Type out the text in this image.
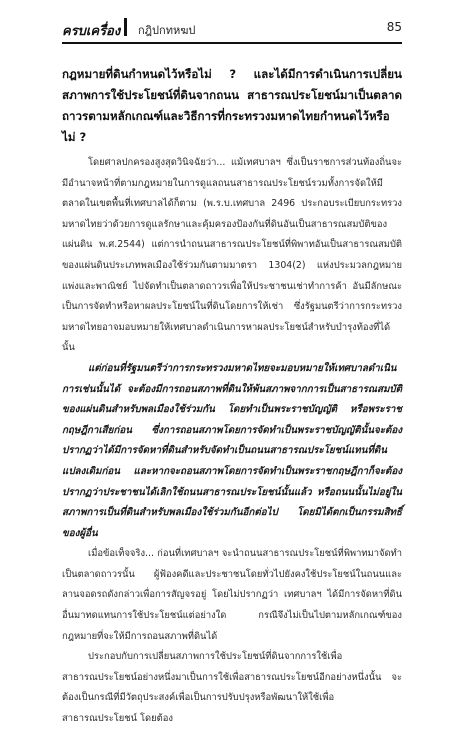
ครบเครื่อง กฎิปกทหฆป	85

กฎหมายที่ดินกำหนดไว้หรือไม่ ? และได้มีการดำเนินการเปลี่ยนสภาพการใช้ประโยชน์ที่ดินจากถนน สาธารณประโยชน์มาเป็นตลาดถาวรตามหลักเกณฑ์และวิธีการที่กระทรวงมหาดไทยกำหนดไว้หรือไม่ ?

โดยศาลปกครองสูงสุดวินิจฉัยว่า... แม้เทศบาลฯ ซึ่งเป็นราชการส่วนท้องถิ่นจะมีอำนาจหน้าที่ตามกฎหมายในการดูแลถนนสาธารณประโยชน์รวมทั้งการจัดให้มีตลาดในเขตพื้นที่เทศบาลได้ก็ตาม (พ.ร.บ.เทศบาล 2496 ประกอบระเบียบกระทรวงมหาดไทยว่าด้วยการดูแลรักษาและคุ้มครองป้องกันที่ดินอันเป็นสาธารณสมบัติของแผ่นดิน พ.ศ.2544) แต่การนำถนนสาธารณประโยชน์ที่พิพาทอันเป็นสาธารณสมบัติของแผ่นดินประเภทพลเมืองใช้ร่วมกันตามมาตรา 1304(2) แห่งประมวลกฎหมายแพ่งและพาณิชย์ ไปจัดทำเป็นตลาดถาวรเพื่อให้ประชาชนเช่าทำการค้า อันมีลักษณะเป็นการจัดทำหรือหาผลประโยชน์ในที่ดินโดยการให้เช่า ซึ่งรัฐมนตรีว่าการกระทรวงมหาดไทยอาจมอบหมายให้เทศบาลดำเนินการหาผลประโยชน์สำหรับบำรุงท้องที่ได้นั้น

แต่ก่อนที่รัฐมนตรีว่าการกระทรวงมหาดไทยจะมอบหมายให้เทศบาลดำเนินการเช่นนั้นได้ จะต้องมีการถอนสภาพที่ดินให้พ้นสภาพจากการเป็นสาธารณสมบัติของแผ่นดินสำหรับพลเมืองใช้ร่วมกัน โดยทำเป็นพระราชบัญญัติ หรือพระราชกฤษฎีกาเสียก่อน ซึ่งการถอนสภาพโดยการจัดทำเป็นพระราชบัญญัตินั้นจะต้องปรากฏว่าได้มีการจัดหาที่ดินสำหรับจัดทำเป็นถนนสาธารณประโยชน์แทนที่ดินแปลงเดิมก่อน และหากจะถอนสภาพโดยการจัดทำเป็นพระราชกฤษฎีกาก็จะต้องปรากฏว่าประชาชนได้เลิกใช้ถนนสาธารณประโยชน์นั้นแล้ว หรือถนนนั้นไม่อยู่ในสภาพการเป็นที่ดินสำหรับพลเมืองใช้ร่วมกันอีกต่อไป โดยมิได้ตกเป็นกรรมสิทธิ์ของผู้อื่น

เมื่อข้อเท็จจริง... ก่อนที่เทศบาลฯ จะนำถนนสาธารณประโยชน์ที่พิพาทมาจัดทำเป็นตลาดถาวรนั้น ผู้ฟ้องคดีและประชาชนโดยทั่วไปยังคงใช้ประโยชน์ในถนนและลานจอดรถดังกล่าวเพื่อการสัญจรอยู่ โดยไม่ปรากฏว่า เทศบาลฯ ได้มีการจัดหาที่ดินอื่นมาทดแทนการใช้ประโยชน์แต่อย่างใด กรณีจึงไม่เป็นไปตามหลักเกณฑ์ของกฎหมายที่จะให้มีการถอนสภาพที่ดินได้

ประกอบกับการเปลี่ยนสภาพการใช้ประโยชน์ที่ดินจากการใช้เพื่อสาธารณประโยชน์อย่างหนึ่งมาเป็นการใช้เพื่อสาธารณประโยชน์อีกอย่างหนึ่งนั้น จะต้องเป็นกรณีที่มีวัตถุประสงค์เพื่อเป็นการปรับปรุงหรือพัฒนาให้ใช้เพื่อสาธารณประโยชน์ โดยต้อง
